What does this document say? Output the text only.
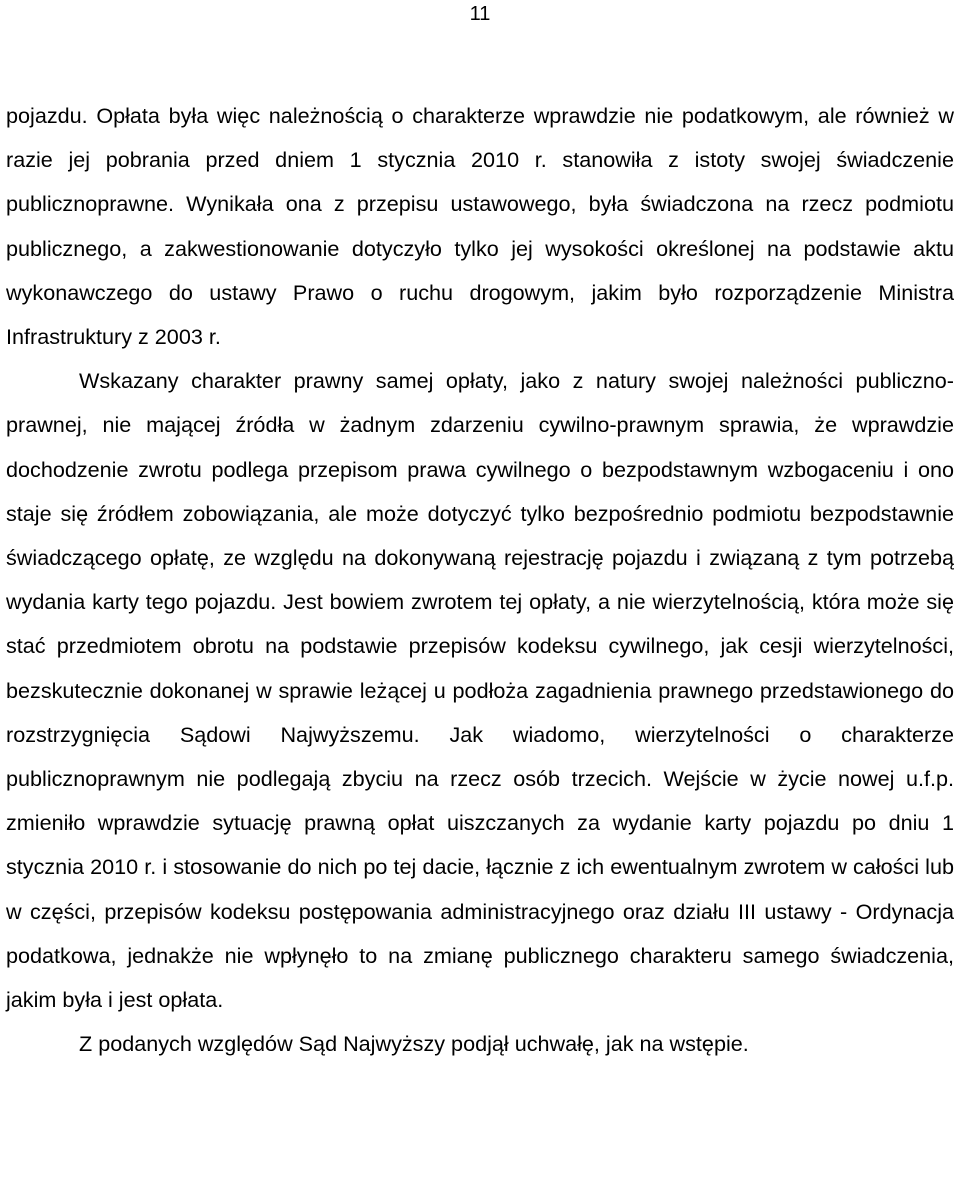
11

pojazdu. Opłata była więc należnością o charakterze wprawdzie nie podatkowym, ale również w razie jej pobrania przed dniem 1 stycznia 2010 r. stanowiła z istoty swojej świadczenie publicznoprawne. Wynikała ona z przepisu ustawowego, była świadczona na rzecz podmiotu publicznego, a zakwestionowanie dotyczyło tylko jej wysokości określonej na podstawie aktu wykonawczego do ustawy Prawo o ruchu drogowym, jakim było rozporządzenie Ministra Infrastruktury z 2003 r.

Wskazany charakter prawny samej opłaty, jako z natury swojej należności publiczno-prawnej, nie mającej źródła w żadnym zdarzeniu cywilno-prawnym sprawia, że wprawdzie dochodzenie zwrotu podlega przepisom prawa cywilnego o bezpodstawnym wzbogaceniu i ono staje się źródłem zobowiązania, ale może dotyczyć tylko bezpośrednio podmiotu bezpodstawnie świadczącego opłatę, ze względu na dokonywaną rejestrację pojazdu i związaną z tym potrzebą wydania karty tego pojazdu. Jest bowiem zwrotem tej opłaty, a nie wierzytelnością, która może się stać przedmiotem obrotu na podstawie przepisów kodeksu cywilnego, jak cesji wierzytelności, bezskutecznie dokonanej w sprawie leżącej u podłoża zagadnienia prawnego przedstawionego do rozstrzygnięcia Sądowi Najwyższemu. Jak wiadomo, wierzytelności o charakterze publicznoprawnym nie podlegają zbyciu na rzecz osób trzecich. Wejście w życie nowej u.f.p. zmieniło wprawdzie sytuację prawną opłat uiszczanych za wydanie karty pojazdu po dniu 1 stycznia 2010 r. i stosowanie do nich po tej dacie, łącznie z ich ewentualnym zwrotem w całości lub w części, przepisów kodeksu postępowania administracyjnego oraz działu III ustawy - Ordynacja podatkowa, jednakże nie wpłynęło to na zmianę publicznego charakteru samego świadczenia, jakim była i jest opłata.

Z podanych względów Sąd Najwyższy podjął uchwałę, jak na wstępie.
